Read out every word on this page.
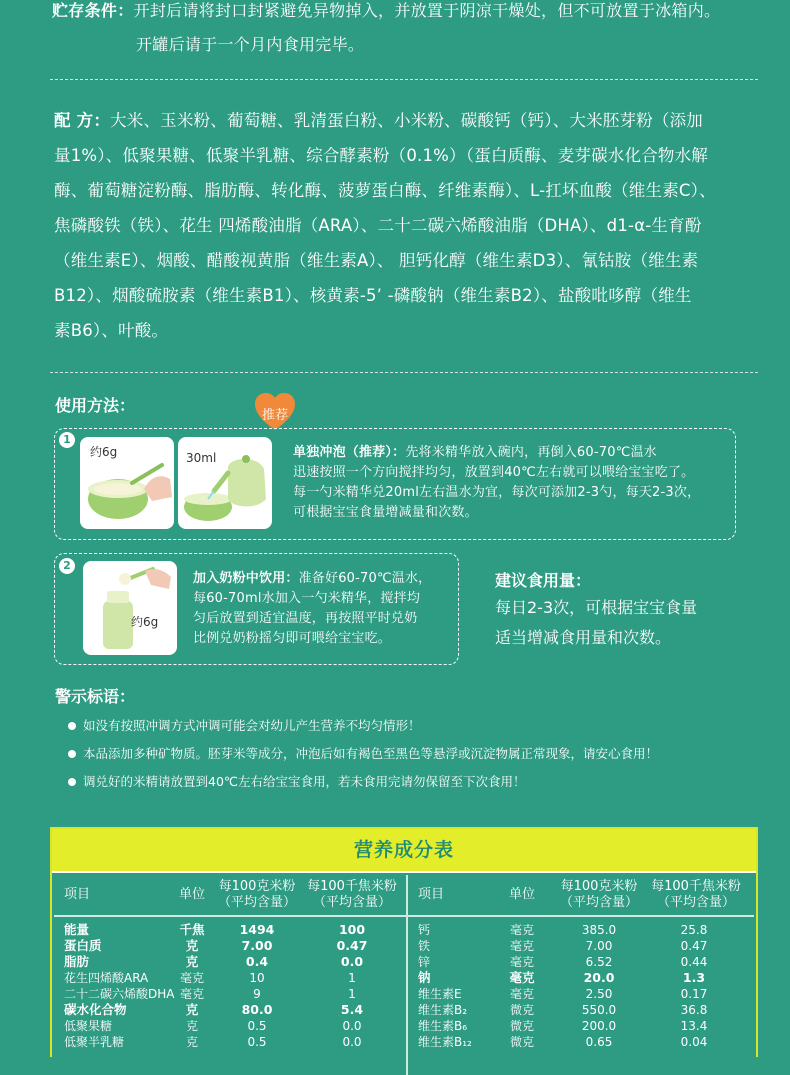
贮存条件：开封后请将封口封紧避免异物掉入，并放置于阴凉干燥处，但不可放置于冰箱内。
开罐后请于一个月内食用完毕。
配 方：大米、玉米粉、葡萄糖、乳清蛋白粉、小米粉、碳酸钙（钙）、大米胚芽粉（添加
量1%）、低聚果糖、低聚半乳糖、综合酵素粉（0.1%）（蛋白质酶、麦芽碳水化合物水解
酶、葡萄糖淀粉酶、脂肪酶、转化酶、菠萝蛋白酶、纤维素酶）、L-扛坏血酸（维生素C）、
焦磷酸铁（铁）、花生 四烯酸油脂（ARA）、二十二碳六烯酸油脂（DHA）、d1-α-生育酚
（维生素E）、烟酸、醋酸视黄脂（维生素A）、 胆钙化醇（维生素D3）、氰钴胺（维生素
B12）、烟酸硫胺素（维生素B1）、核黄素-5’ -磷酸钠（维生素B2）、盐酸吡哆醇（维生
素B6）、叶酸。
使用方法：
推荐
1
约6g	30ml	单独冲泡（推荐）：先将米精华放入碗内，再倒入60-70℃温水
迅速按照一个方向搅拌均匀，放置到40℃左右就可以喂给宝宝吃了。
每一勺米精华兑20ml左右温水为宜，每次可添加2-3勺，每天2-3次，
可根据宝宝食量增减量和次数。
2
约6g
加入奶粉中饮用：准备好60-70℃温水，
每60-70ml水加入一勺米精华，搅拌均
匀后放置到适宜温度，再按照平时兑奶
比例兑奶粉摇匀即可喂给宝宝吃。
建议食用量：
每日2-3次，可根据宝宝食量
适当增减食用量和次数。
警示标语：
如没有按照冲调方式冲调可能会对幼儿产生营养不均匀情形！
本品添加多种矿物质。胚芽米等成分，冲泡后如有褐色至黑色等悬浮或沉淀物属正常现象，请安心食用！
调兑好的米精请放置到40℃左右给宝宝食用，若未食用完请勿保留至下次食用！
营养成分表
项目	单位
每100克米粉
（平均含量）
每100千焦米粉
（平均含量）
项目	单位
每100克米粉
（平均含量）
每100千焦米粉
（平均含量）
能量	千焦	1494	100
蛋白质	克	7.00	0.47
脂肪	克	0.4	0.0
花生四烯酸ARA	毫克	10	1
二十二碳六烯酸DHA 毫克	9	1
碳水化合物	克	80.0	5.4
低聚果糖	克	0.5	0.0
低聚半乳糖	克	0.5	0.0
钙	毫克	385.0	25.8
铁	毫克	7.00	0.47
锌	毫克	6.52	0.44
钠	毫克	20.0	1.3
维生素E	毫克	2.50	0.17
维生素B₂	微克	550.0	36.8
维生素B₆	微克	200.0	13.4
维生素B₁₂	微克	0.65	0.04
